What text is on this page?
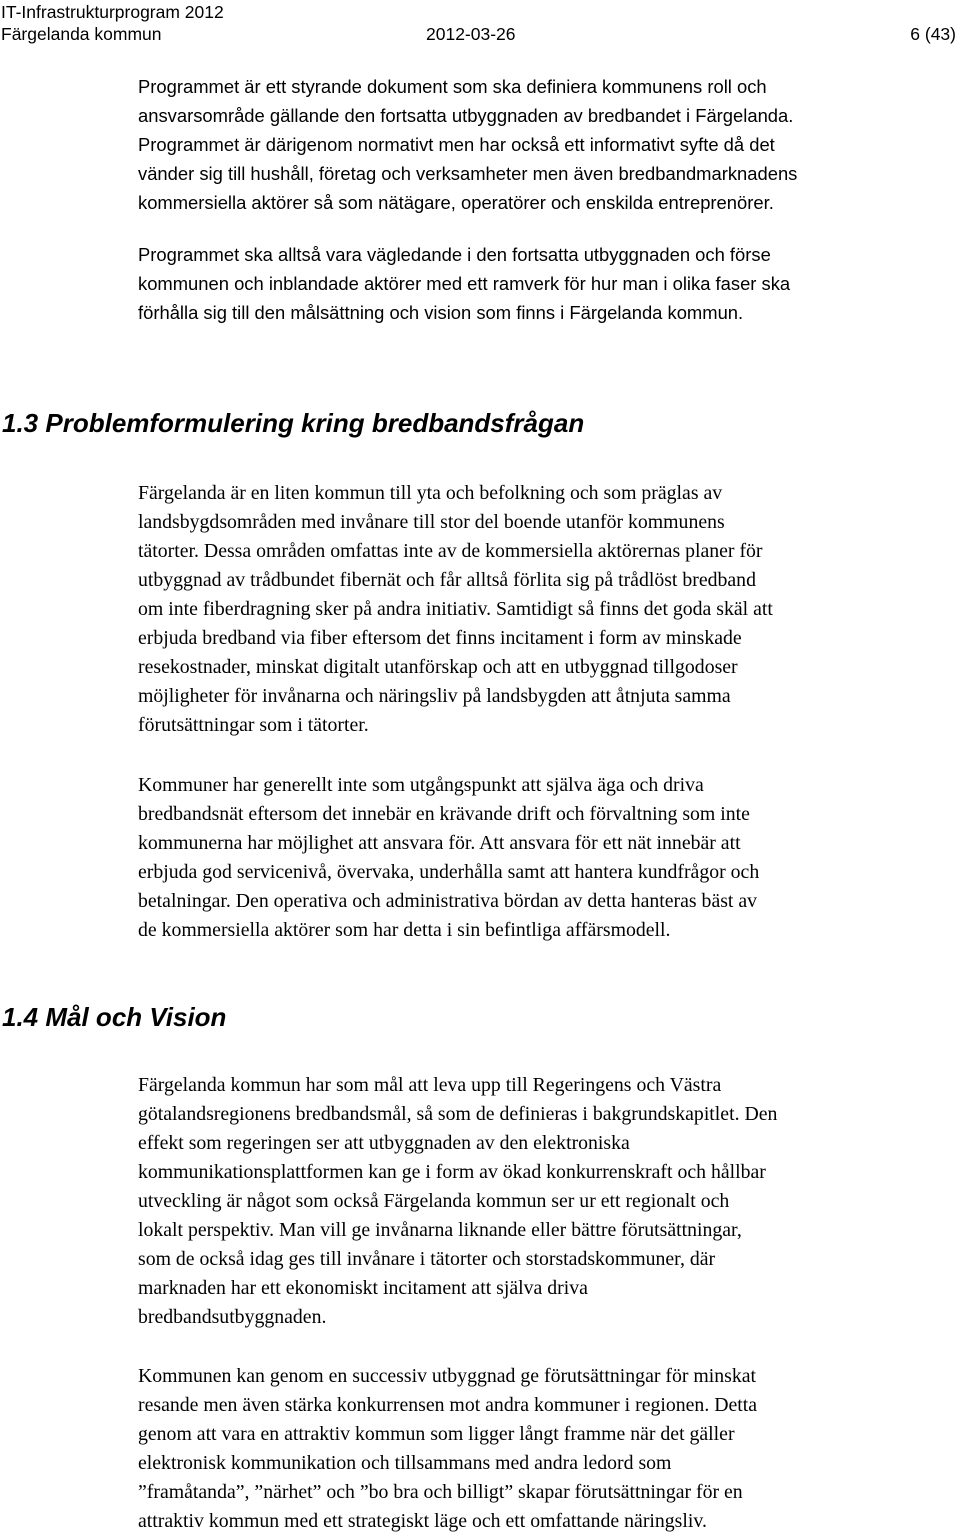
IT-Infrastrukturprogram 2012
Färgelanda kommun	2012-03-26	6 (43)
Programmet är ett styrande dokument som ska definiera kommunens roll och
ansvarsområde gällande den fortsatta utbyggnaden av bredbandet i Färgelanda.
Programmet är därigenom normativt men har också ett informativt syfte då det
vänder sig till hushåll, företag och verksamheter men även bredbandmarknadens
kommersiella aktörer så som nätägare, operatörer och enskilda entreprenörer.
Programmet ska alltså vara vägledande i den fortsatta utbyggnaden och förse
kommunen och inblandade aktörer med ett ramverk för hur man i olika faser ska
förhålla sig till den målsättning och vision som finns i Färgelanda kommun.
1.3 Problemformulering kring bredbandsfrågan
Färgelanda är en liten kommun till yta och befolkning och som präglas av
landsbygdsområden med invånare till stor del boende utanför kommunens
tätorter. Dessa områden omfattas inte av de kommersiella aktörernas planer för
utbyggnad av trådbundet fibernät och får alltså förlita sig på trådlöst bredband
om inte fiberdragning sker på andra initiativ. Samtidigt så finns det goda skäl att
erbjuda bredband via fiber eftersom det finns incitament i form av minskade
resekostnader, minskat digitalt utanförskap och att en utbyggnad tillgodoser
möjligheter för invånarna och näringsliv på landsbygden att åtnjuta samma
förutsättningar som i tätorter.
Kommuner har generellt inte som utgångspunkt att själva äga och driva
bredbandsnät eftersom det innebär en krävande drift och förvaltning som inte
kommunerna har möjlighet att ansvara för. Att ansvara för ett nät innebär att
erbjuda god servicenivå, övervaka, underhålla samt att hantera kundfrågor och
betalningar. Den operativa och administrativa bördan av detta hanteras bäst av
de kommersiella aktörer som har detta i sin befintliga affärsmodell.
1.4 Mål och Vision
Färgelanda kommun har som mål att leva upp till Regeringens och Västra
götalandsregionens bredbandsmål, så som de definieras i bakgrundskapitlet. Den
effekt som regeringen ser att utbyggnaden av den elektroniska
kommunikationsplattformen kan ge i form av ökad konkurrenskraft och hållbar
utveckling är något som också Färgelanda kommun ser ur ett regionalt och
lokalt perspektiv. Man vill ge invånarna liknande eller bättre förutsättningar,
som de också idag ges till invånare i tätorter och storstadskommuner, där
marknaden har ett ekonomiskt incitament att själva driva
bredbandsutbyggnaden.
Kommunen kan genom en successiv utbyggnad ge förutsättningar för minskat
resande men även stärka konkurrensen mot andra kommuner i regionen. Detta
genom att vara en attraktiv kommun som ligger långt framme när det gäller
elektronisk kommunikation och tillsammans med andra ledord som
”framåtanda”, ”närhet” och ”bo bra och billigt” skapar förutsättningar för en
attraktiv kommun med ett strategiskt läge och ett omfattande näringsliv.
